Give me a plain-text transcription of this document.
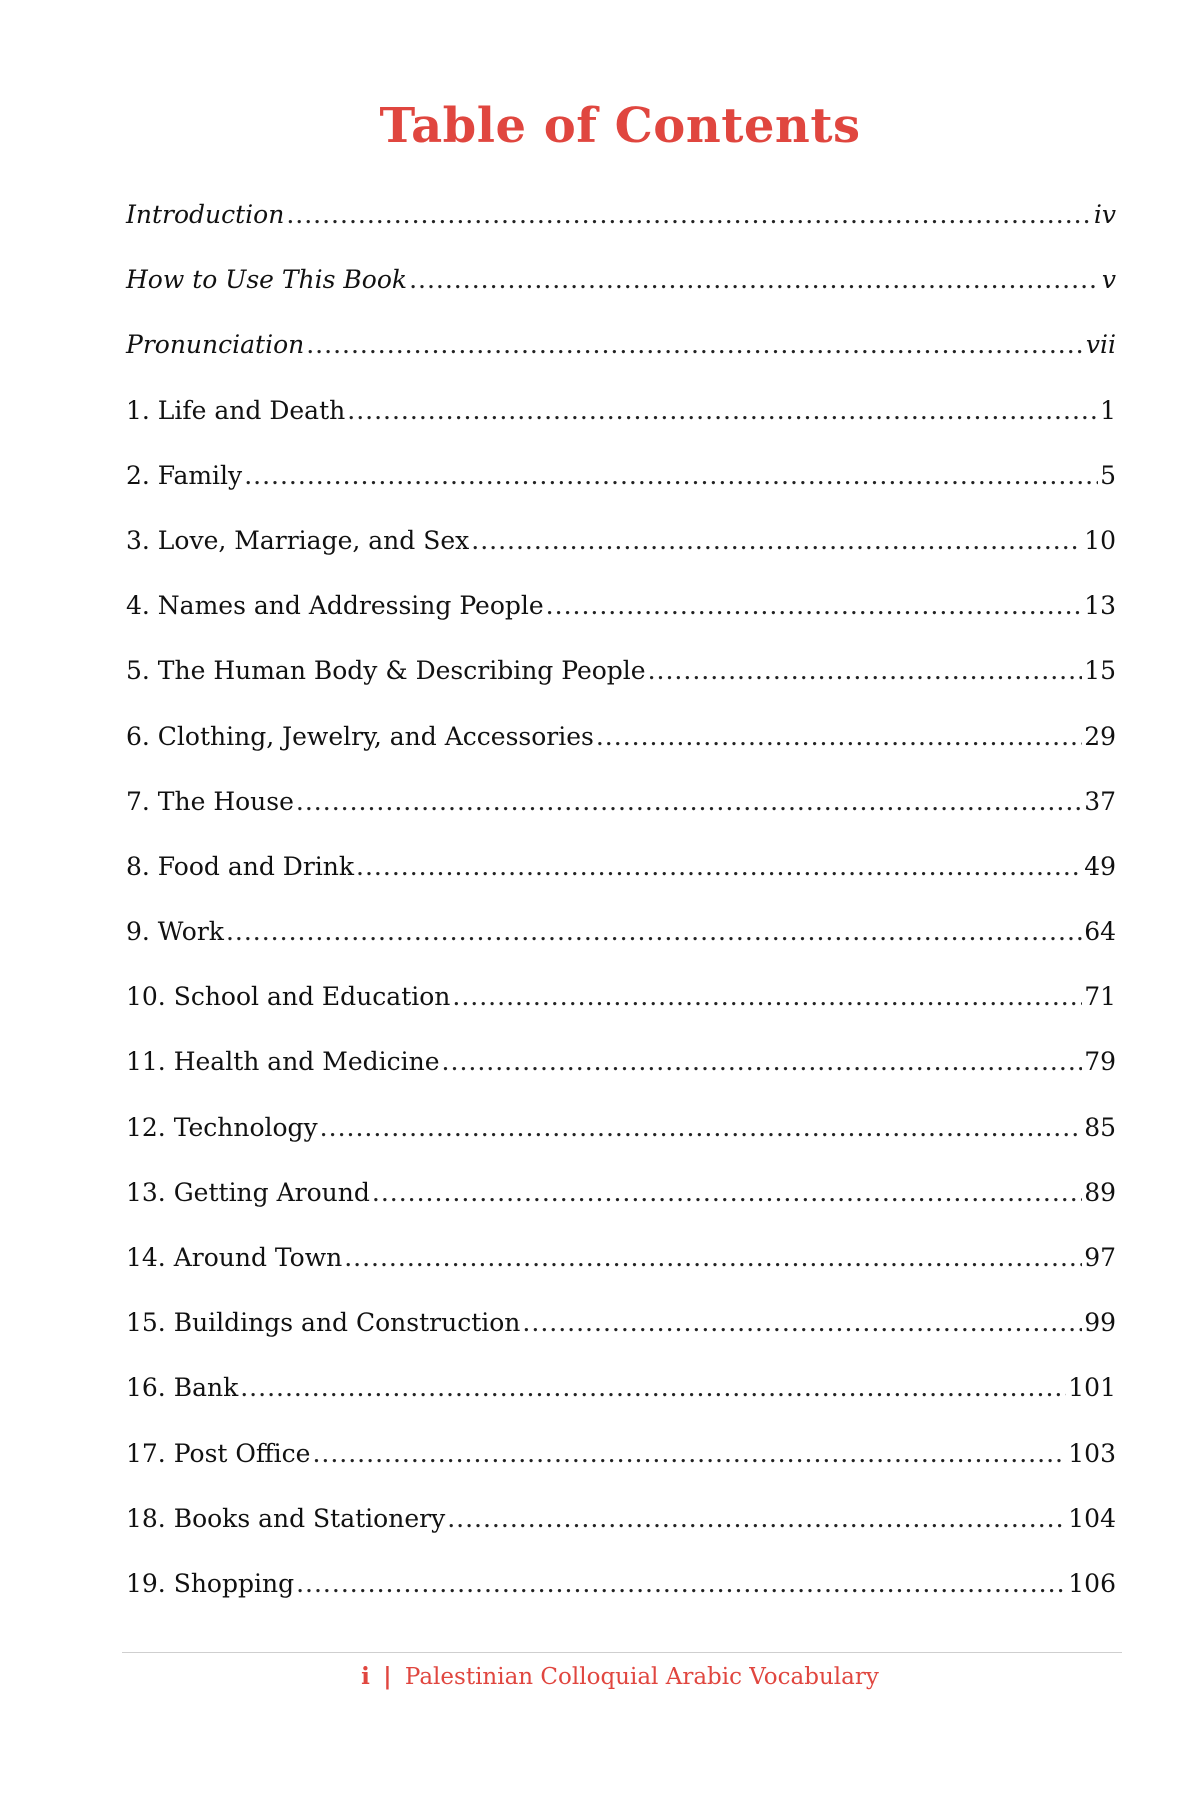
Table of Contents
Introduction .....	iv
How to Use This Book .....	v
Pronunciation .....	vii
1. Life and Death .....	1
2. Family .....	5
3. Love, Marriage, and Sex .....	10
4. Names and Addressing People .....	13
5. The Human Body & Describing People .....	15
6. Clothing, Jewelry, and Accessories .....	29
7. The House .....	37
8. Food and Drink .....	49
9. Work .....	64
10. School and Education .....	71
11. Health and Medicine .....	79
12. Technology .....	85
13. Getting Around .....	89
14. Around Town .....	97
15. Buildings and Construction .....	99
16. Bank .....	101
17. Post Office .....	103
18. Books and Stationery .....	104
19. Shopping .....	106
i | Palestinian Colloquial Arabic Vocabulary
